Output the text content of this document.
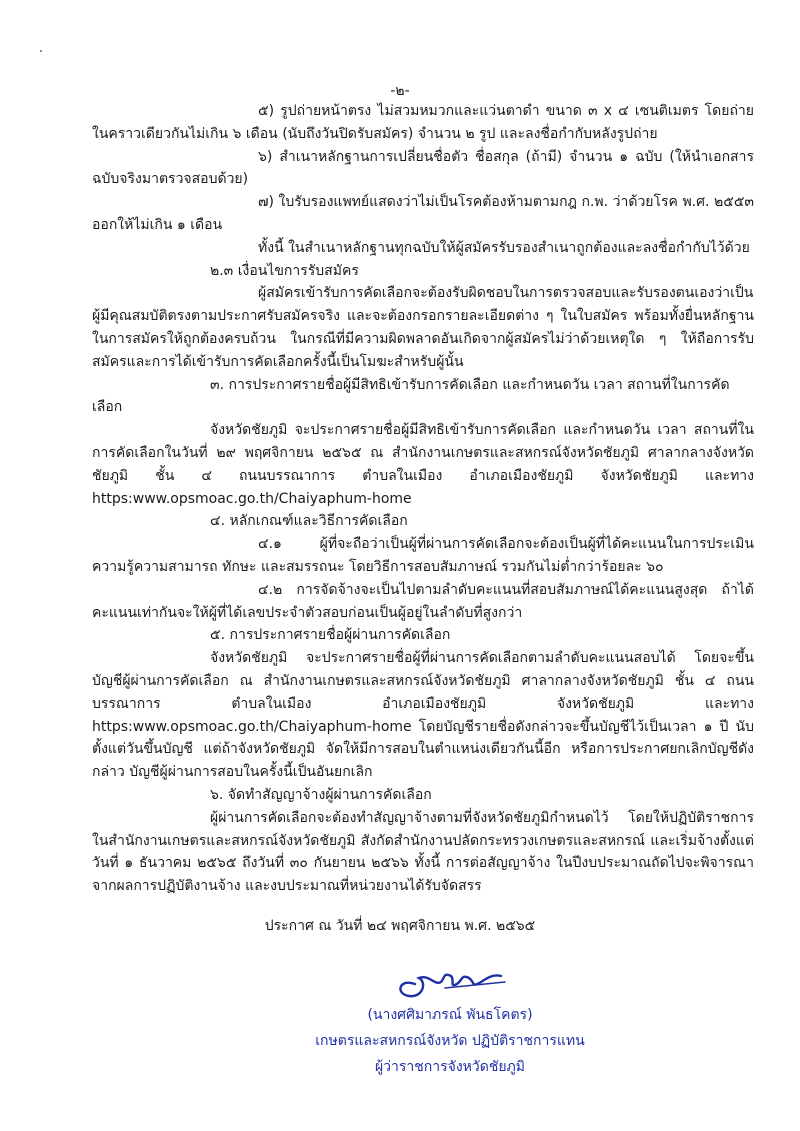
-๒-

๕) รูปถ่ายหน้าตรง ไม่สวมหมวกและแว่นตาดำ ขนาด ๓ x ๔ เซนติเมตร โดยถ่ายในคราวเดียวกันไม่เกิน ๖ เดือน (นับถึงวันปิดรับสมัคร) จำนวน ๒ รูป และลงชื่อกำกับหลังรูปถ่าย

๖) สำเนาหลักฐานการเปลี่ยนชื่อตัว ชื่อสกุล (ถ้ามี) จำนวน ๑ ฉบับ (ให้นำเอกสารฉบับจริงมาตรวจสอบด้วย)

๗) ใบรับรองแพทย์แสดงว่าไม่เป็นโรคต้องห้ามตามกฎ ก.พ. ว่าด้วยโรค พ.ศ. ๒๕๕๓ ออกให้ไม่เกิน ๑ เดือน

ทั้งนี้ ในสำเนาหลักฐานทุกฉบับให้ผู้สมัครรับรองสำเนาถูกต้องและลงชื่อกำกับไว้ด้วย

๒.๓ เงื่อนไขการรับสมัคร

ผู้สมัครเข้ารับการคัดเลือกจะต้องรับผิดชอบในการตรวจสอบและรับรองตนเองว่าเป็นผู้มีคุณสมบัติตรงตามประกาศรับสมัครจริง และจะต้องกรอกรายละเอียดต่าง ๆ ในใบสมัคร พร้อมทั้งยื่นหลักฐานในการสมัครให้ถูกต้องครบถ้วน ในกรณีที่มีความผิดพลาดอันเกิดจากผู้สมัครไม่ว่าด้วยเหตุใด ๆ ให้ถือการรับสมัครและการได้เข้ารับการคัดเลือกครั้งนี้เป็นโมฆะสำหรับผู้นั้น

๓. การประกาศรายชื่อผู้มีสิทธิเข้ารับการคัดเลือก และกำหนดวัน เวลา สถานที่ในการคัดเลือก

จังหวัดชัยภูมิ จะประกาศรายชื่อผู้มีสิทธิเข้ารับการคัดเลือก และกำหนดวัน เวลา สถานที่ในการคัดเลือกในวันที่ ๒๙ พฤศจิกายน ๒๕๖๕ ณ สำนักงานเกษตรและสหกรณ์จังหวัดชัยภูมิ ศาลากลางจังหวัดชัยภูมิ ชั้น ๔ ถนนบรรณาการ ตำบลในเมือง อำเภอเมืองชัยภูมิ จังหวัดชัยภูมิ และทาง https:www.opsmoac.go.th/Chaiyaphum-home

๔. หลักเกณฑ์และวิธีการคัดเลือก

๔.๑ ผู้ที่จะถือว่าเป็นผู้ที่ผ่านการคัดเลือกจะต้องเป็นผู้ที่ได้คะแนนในการประเมินความรู้ความสามารถ ทักษะ และสมรรถนะ โดยวิธีการสอบสัมภาษณ์ รวมกันไม่ต่ำกว่าร้อยละ ๖๐

๔.๒ การจัดจ้างจะเป็นไปตามลำดับคะแนนที่สอบสัมภาษณ์ได้คะแนนสูงสุด ถ้าได้คะแนนเท่ากันจะให้ผู้ที่ได้เลขประจำตัวสอบก่อนเป็นผู้อยู่ในลำดับที่สูงกว่า

๕. การประกาศรายชื่อผู้ผ่านการคัดเลือก

จังหวัดชัยภูมิ จะประกาศรายชื่อผู้ที่ผ่านการคัดเลือกตามลำดับคะแนนสอบได้ โดยจะขึ้นบัญชีผู้ผ่านการคัดเลือก ณ สำนักงานเกษตรและสหกรณ์จังหวัดชัยภูมิ ศาลากลางจังหวัดชัยภูมิ ชั้น ๔ ถนนบรรณาการ ตำบลในเมือง อำเภอเมืองชัยภูมิ จังหวัดชัยภูมิ และทาง https:www.opsmoac.go.th/Chaiyaphum-home โดยบัญชีรายชื่อดังกล่าวจะขึ้นบัญชีไว้เป็นเวลา ๑ ปี นับตั้งแต่วันขึ้นบัญชี แต่ถ้าจังหวัดชัยภูมิ จัดให้มีการสอบในตำแหน่งเดียวกันนี้อีก หรือการประกาศยกเลิกบัญชีดังกล่าว บัญชีผู้ผ่านการสอบในครั้งนี้เป็นอันยกเลิก

๖. จัดทำสัญญาจ้างผู้ผ่านการคัดเลือก

ผู้ผ่านการคัดเลือกจะต้องทำสัญญาจ้างตามที่จังหวัดชัยภูมิกำหนดไว้ โดยให้ปฏิบัติราชการในสำนักงานเกษตรและสหกรณ์จังหวัดชัยภูมิ สังกัดสำนักงานปลัดกระทรวงเกษตรและสหกรณ์ และเริ่มจ้างตั้งแต่วันที่ ๑ ธันวาคม ๒๕๖๕ ถึงวันที่ ๓๐ กันยายน ๒๕๖๖ ทั้งนี้ การต่อสัญญาจ้าง ในปีงบประมาณถัดไปจะพิจารณาจากผลการปฏิบัติงานจ้าง และงบประมาณที่หน่วยงานได้รับจัดสรร

ประกาศ ณ วันที่ ๒๔ พฤศจิกายน พ.ศ. ๒๕๖๕
(นางศศิมาภรณ์ พันธโคตร)
เกษตรและสหกรณ์จังหวัด ปฏิบัติราชการแทน
ผู้ว่าราชการจังหวัดชัยภูมิ
